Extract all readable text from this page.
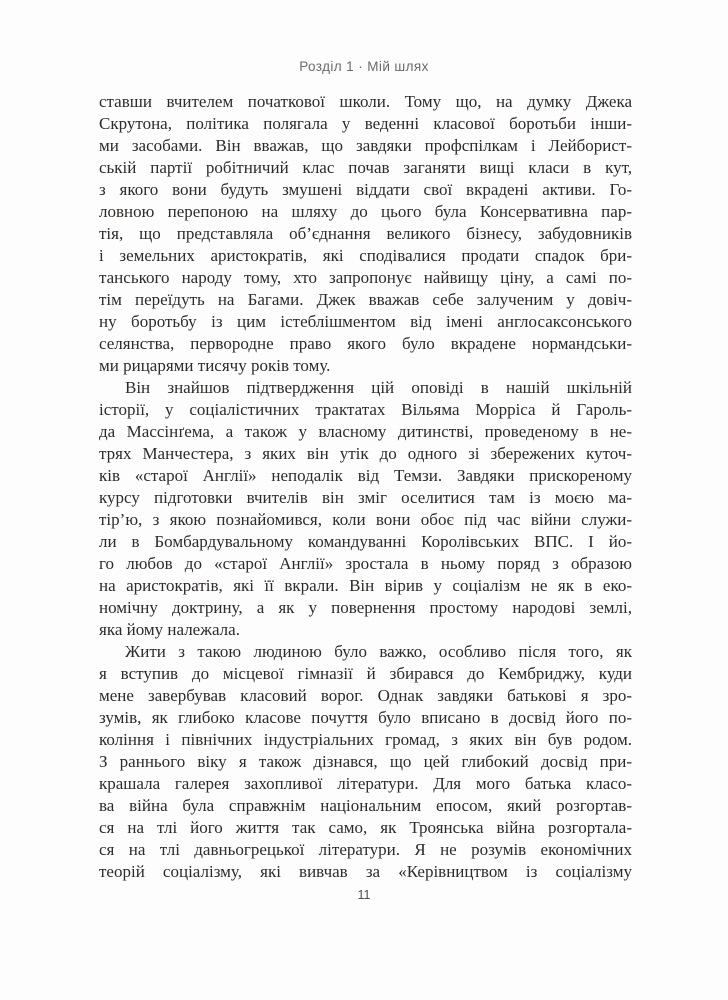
Розділ 1 · Мій шлях
ставши вчителем початкової школи. Тому що, на думку Джека
Скрутона, політика полягала у веденні класової боротьби інши-
ми засобами. Він вважав, що завдяки профспілкам і Лейборист-
ській партії робітничий клас почав заганяти вищі класи в кут,
з якого вони будуть змушені віддати свої вкрадені активи. Го-
ловною перепоною на шляху до цього була Консервативна пар-
тія, що представляла об’єднання великого бізнесу, забудовників
і земельних аристократів, які сподівалися продати спадок бри-
танського народу тому, хто запропонує найвищу ціну, а самі по-
тім переїдуть на Багами. Джек вважав себе залученим у довіч-
ну боротьбу із цим істеблішментом від імені англосаксонського
селянства, первородне право якого було вкрадене нормандськи-
ми рицарями тисячу років тому.
Він знайшов підтвердження цій оповіді в нашій шкільній
історії, у соціалістичних трактатах Вільяма Морріса й Гароль-
да Массінґема, а також у власному дитинстві, проведеному в не-
трях Манчестера, з яких він утік до одного зі збережених куточ-
ків «старої Англії» неподалік від Темзи. Завдяки прискореному
курсу підготовки вчителів він зміг оселитися там із моєю ма-
тір’ю, з якою познайомився, коли вони обоє під час війни служи-
ли в Бомбардувальному командуванні Королівських ВПС. І йо-
го любов до «старої Англії» зростала в ньому поряд з образою
на аристократів, які її вкрали. Він вірив у соціалізм не як в еко-
номічну доктрину, а як у повернення простому народові землі,
яка йому належала.
Жити з такою людиною було важко, особливо після того, як
я вступив до місцевої гімназії й збирався до Кембриджу, куди
мене завербував класовий ворог. Однак завдяки батькові я зро-
зумів, як глибоко класове почуття було вписано в досвід його по-
коління і північних індустріальних громад, з яких він був родом.
З раннього віку я також дізнався, що цей глибокий досвід при-
крашала галерея захопливої літератури. Для мого батька класо-
ва війна була справжнім національним епосом, який розгортав-
ся на тлі його життя так само, як Троянська війна розгортала-
ся на тлі давньогрецької літератури. Я не розумів економічних
теорій соціалізму, які вивчав за «Керівництвом із соціалізму
11
